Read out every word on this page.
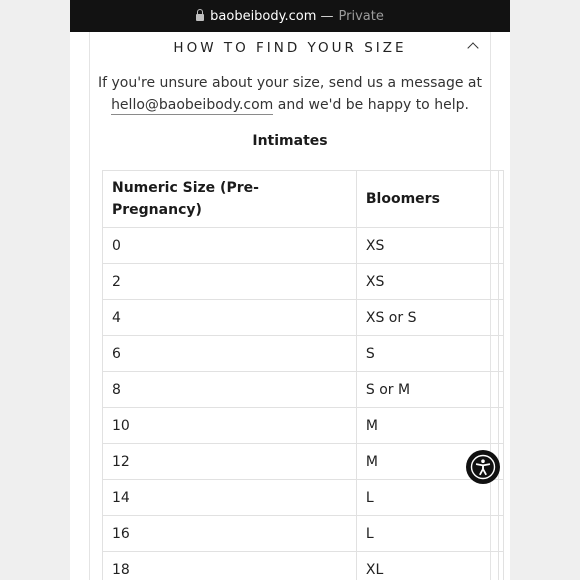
baobeibody.com
— Private
HOW TO FIND YOUR SIZE
If you're unsure about your size, send us a message at
hello@baobeibody.com and we'd be happy to help.
Intimates
Numeric Size (Pre-Pregnancy)	Bloomers	
0	XS	
2	XS	
4	XS or S	
6	S	
8	S or M	
10	M	
12	M	
14	L	
16	L	
18	XL	
